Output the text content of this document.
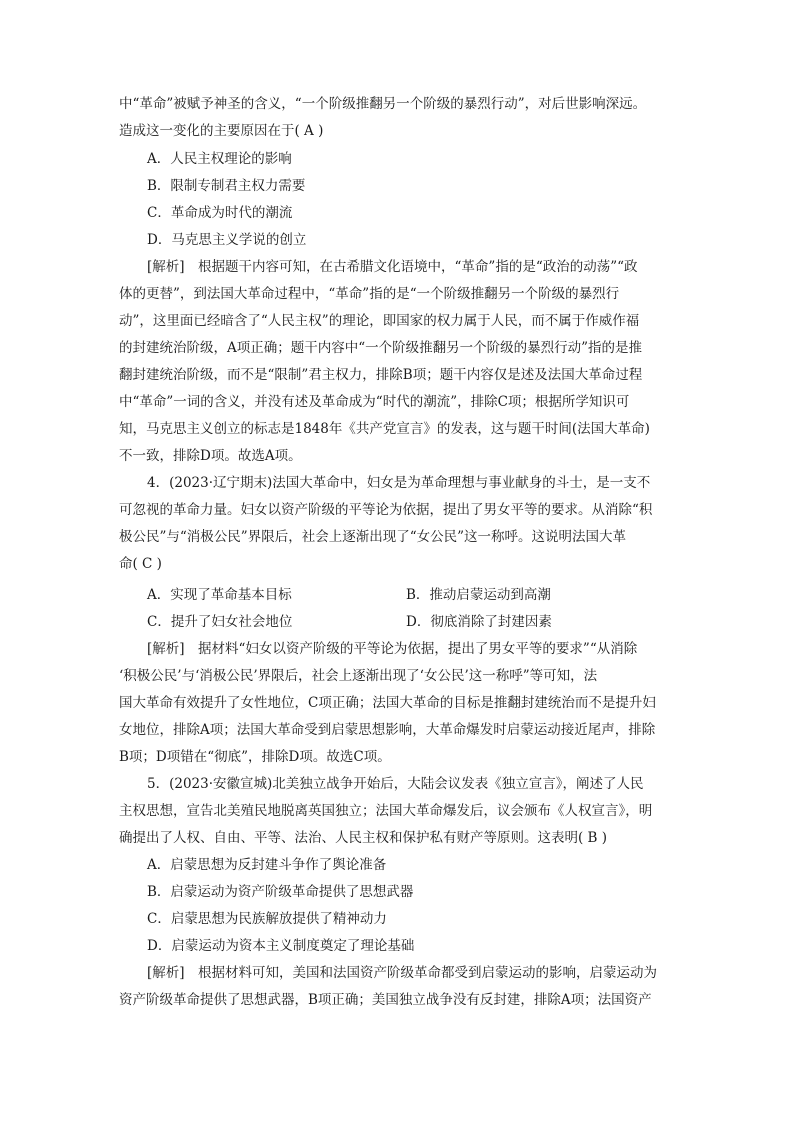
中“革命”被赋予神圣的含义，“一个阶级推翻另一个阶级的暴烈行动”，对后世影响深远。
造成这一变化的主要原因在于( A )
A．人民主权理论的影响
B．限制专制君主权力需要
C．革命成为时代的潮流
D．马克思主义学说的创立
[解析]　根据题干内容可知，在古希腊文化语境中，“革命”指的是“政治的动荡”“政
体的更替”，到法国大革命过程中，“革命”指的是“一个阶级推翻另一个阶级的暴烈行
动”，这里面已经暗含了“人民主权”的理论，即国家的权力属于人民，而不属于作威作福
的封建统治阶级，A项正确；题干内容中“一个阶级推翻另一个阶级的暴烈行动”指的是推
翻封建统治阶级，而不是“限制”君主权力，排除B项；题干内容仅是述及法国大革命过程
中“革命”一词的含义，并没有述及革命成为“时代的潮流”，排除C项；根据所学知识可
知，马克思主义创立的标志是1848年《共产党宣言》的发表，这与题干时间(法国大革命)
不一致，排除D项。故选A项。
4．(2023·辽宁期末)法国大革命中，妇女是为革命理想与事业献身的斗士，是一支不
可忽视的革命力量。妇女以资产阶级的平等论为依据，提出了男女平等的要求。从消除“积
极公民”与“消极公民”界限后，社会上逐渐出现了“女公民”这一称呼。这说明法国大革
命( C )
A．实现了革命基本目标	B．推动启蒙运动到高潮
C．提升了妇女社会地位	D．彻底消除了封建因素
[解析]　据材料“妇女以资产阶级的平等论为依据，提出了男女平等的要求”“从消除
‘积极公民’与‘消极公民’界限后，社会上逐渐出现了‘女公民’这一称呼”等可知，法
国大革命有效提升了女性地位，C项正确；法国大革命的目标是推翻封建统治而不是提升妇
女地位，排除A项；法国大革命受到启蒙思想影响，大革命爆发时启蒙运动接近尾声，排除
B项；D项错在“彻底”，排除D项。故选C项。
5．(2023·安徽宣城)北美独立战争开始后，大陆会议发表《独立宣言》，阐述了人民
主权思想，宣告北美殖民地脱离英国独立；法国大革命爆发后，议会颁布《人权宣言》，明
确提出了人权、自由、平等、法治、人民主权和保护私有财产等原则。这表明( B )
A．启蒙思想为反封建斗争作了舆论准备
B．启蒙运动为资产阶级革命提供了思想武器
C．启蒙思想为民族解放提供了精神动力
D．启蒙运动为资本主义制度奠定了理论基础
[解析]　根据材料可知，美国和法国资产阶级革命都受到启蒙运动的影响，启蒙运动为
资产阶级革命提供了思想武器，B项正确；美国独立战争没有反封建，排除A项；法国资产
